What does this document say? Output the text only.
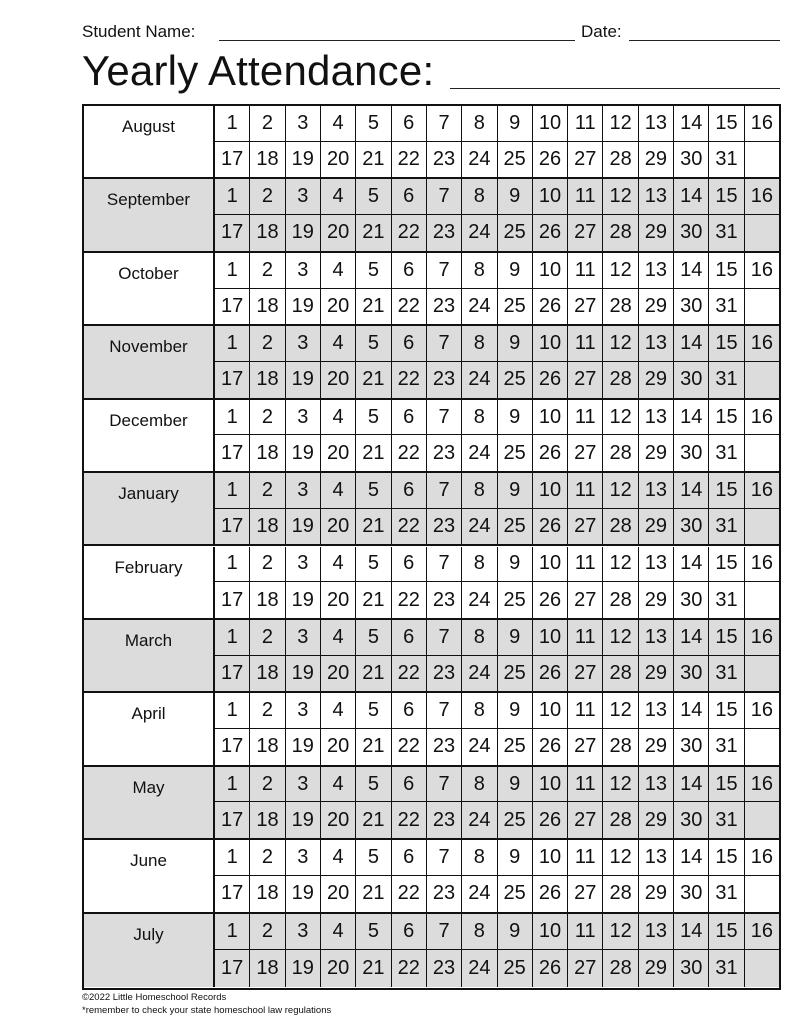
Student Name:	Date:
Yearly Attendance:
August	1	2	3	4	5	6	7	8	9 10 11 12 13 14 15 16
17 18 19 20 21 22 23 24 25 26 27 28 29 30 31
September	1	2	3	4	5	6	7	8	9 10 11 12 13 14 15 16
17 18 19 20 21 22 23 24 25 26 27 28 29 30 31
October	1	2	3	4	5	6	7	8	9 10 11 12 13 14 15 16
17 18 19 20 21 22 23 24 25 26 27 28 29 30 31
November	1	2	3	4	5	6	7	8	9 10 11 12 13 14 15 16
17 18 19 20 21 22 23 24 25 26 27 28 29 30 31
December	1	2	3	4	5	6	7	8	9 10 11 12 13 14 15 16
17 18 19 20 21 22 23 24 25 26 27 28 29 30 31
January	1	2	3	4	5	6	7	8	9 10 11 12 13 14 15 16
17 18 19 20 21 22 23 24 25 26 27 28 29 30 31
February	1	2	3	4	5	6	7	8	9 10 11 12 13 14 15 16
17 18 19 20 21 22 23 24 25 26 27 28 29 30 31
March	1	2	3	4	5	6	7	8	9 10 11 12 13 14 15 16
17 18 19 20 21 22 23 24 25 26 27 28 29 30 31
April	1	2	3	4	5	6	7	8	9 10 11 12 13 14 15 16
17 18 19 20 21 22 23 24 25 26 27 28 29 30 31
May	1	2	3	4	5	6	7	8	9 10 11 12 13 14 15 16
17 18 19 20 21 22 23 24 25 26 27 28 29 30 31
June	1	2	3	4	5	6	7	8	9 10 11 12 13 14 15 16
17 18 19 20 21 22 23 24 25 26 27 28 29 30 31
July	1	2	3	4	5	6	7	8	9 10 11 12 13 14 15 16
17 18 19 20 21 22 23 24 25 26 27 28 29 30 31
©2022 Little Homeschool Records
*remember to check your state homeschool law regulations
